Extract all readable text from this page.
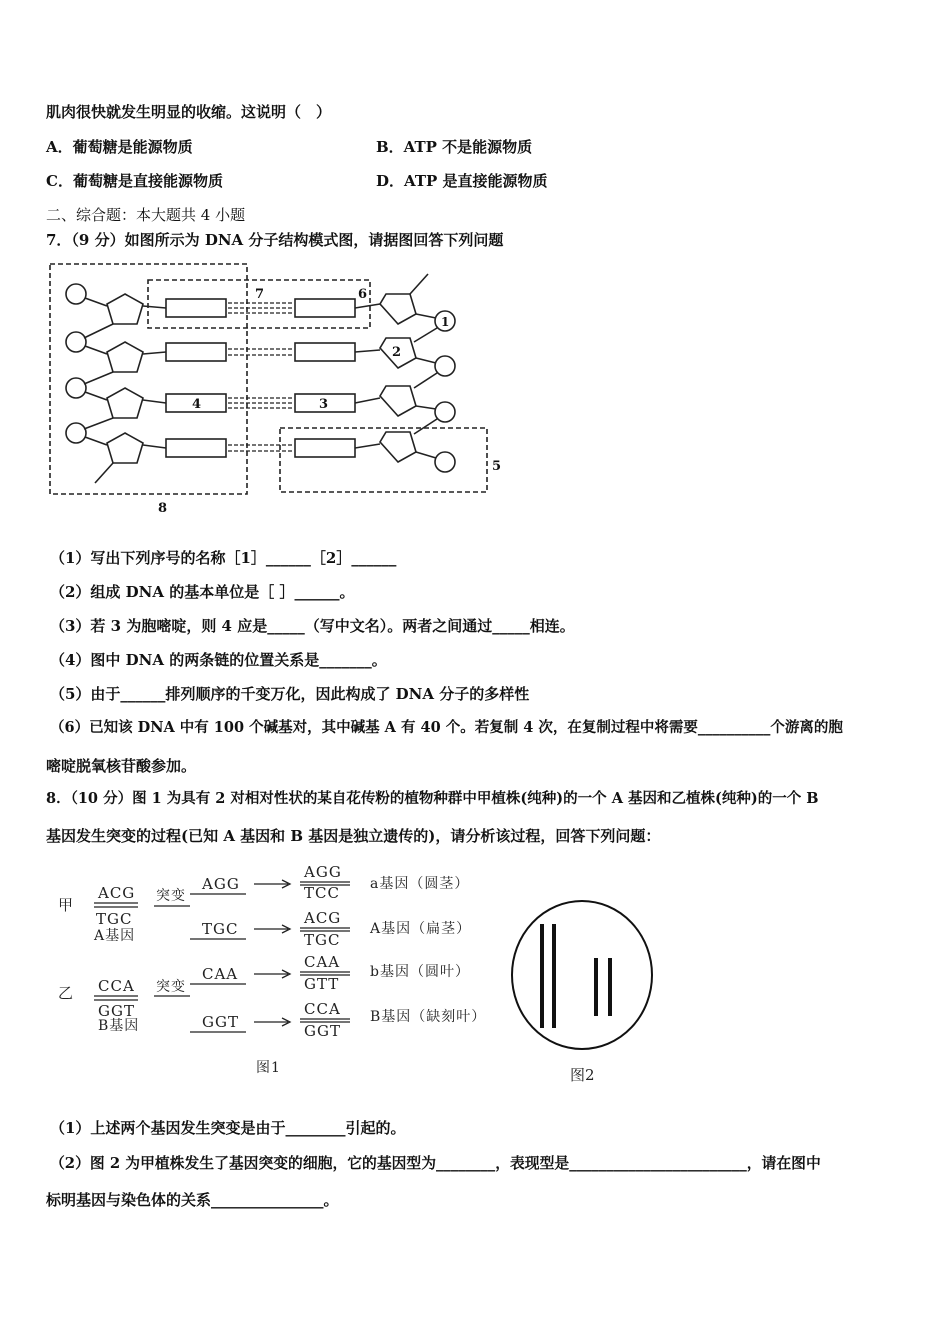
肌肉很快就发生明显的收缩。这说明（　）
A．葡萄糖是能源物质	B．ATP 不是能源物质
C．葡萄糖是直接能源物质	D．ATP 是直接能源物质
二、综合题：本大题共 4 小题
7．（9 分）如图所示为 DNA 分子结构模式图，请据图回答下列问题
1
2
3
4
5
6
7
8
（1）写出下列序号的名称［1］______［2］______
（2）组成 DNA 的基本单位是［ ］______。
（3）若 3 为胞嘧啶，则 4 应是_____（写中文名）。两者之间通过_____相连。
（4）图中 DNA 的两条链的位置关系是_______。
（5）由于______排列顺序的千变万化，因此构成了 DNA 分子的多样性
（6）已知该 DNA 中有 100 个碱基对，其中碱基 A 有 40 个。若复制 4 次，在复制过程中将需要__________个游离的胞
嘧啶脱氧核苷酸参加。
8．（10 分）图 1 为具有 2 对相对性状的某自花传粉的植物种群中甲植株(纯种)的一个 A 基因和乙植株(纯种)的一个 B
基因发生突变的过程(已知 A 基因和 B 基因是独立遗传的)，请分析该过程，回答下列问题：
甲
乙
ACG
TGC
A基因
CCA
GGT
B基因
突变
突变
AGG
TGC
CAA
GGT
AGG
TCC
ACG
TGC
CAA
GTT
CCA
GGT
a基因（圆茎）
A基因（扁茎）
b基因（圆叶）
B基因（缺刻叶）
图1	图2
（1）上述两个基因发生突变是由于________引起的。
（2）图 2 为甲植株发生了基因突变的细胞，它的基因型为________，表现型是________________________，请在图中
标明基因与染色体的关系_______________。
